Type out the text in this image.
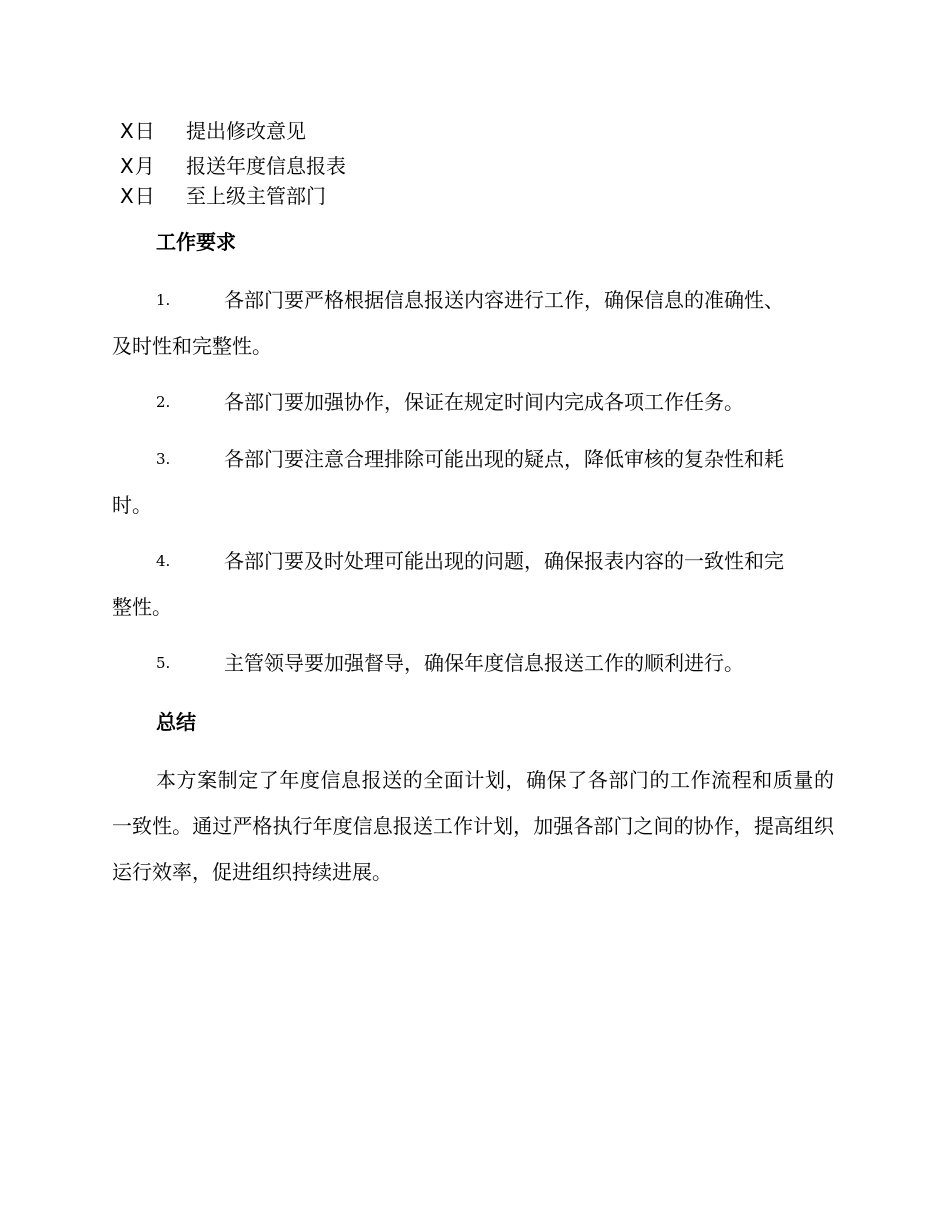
X日 提出修改意见
X月 报送年度信息报表
X日 至上级主管部门
工作要求
1.	各部门要严格根据信息报送内容进行工作，确保信息的准确性、
及时性和完整性。
2.	各部门要加强协作，保证在规定时间内完成各项工作任务。
3.	各部门要注意合理排除可能出现的疑点，降低审核的复杂性和耗
时。
4.	各部门要及时处理可能出现的问题，确保报表内容的一致性和完
整性。
5.	主管领导要加强督导，确保年度信息报送工作的顺利进行。
总结
本方案制定了年度信息报送的全面计划，确保了各部门的工作流程和质量的一致性。通过严格执行年度信息报送工作计划，加强各部门之间的协作，提高组织运行效率，促进组织持续进展。
